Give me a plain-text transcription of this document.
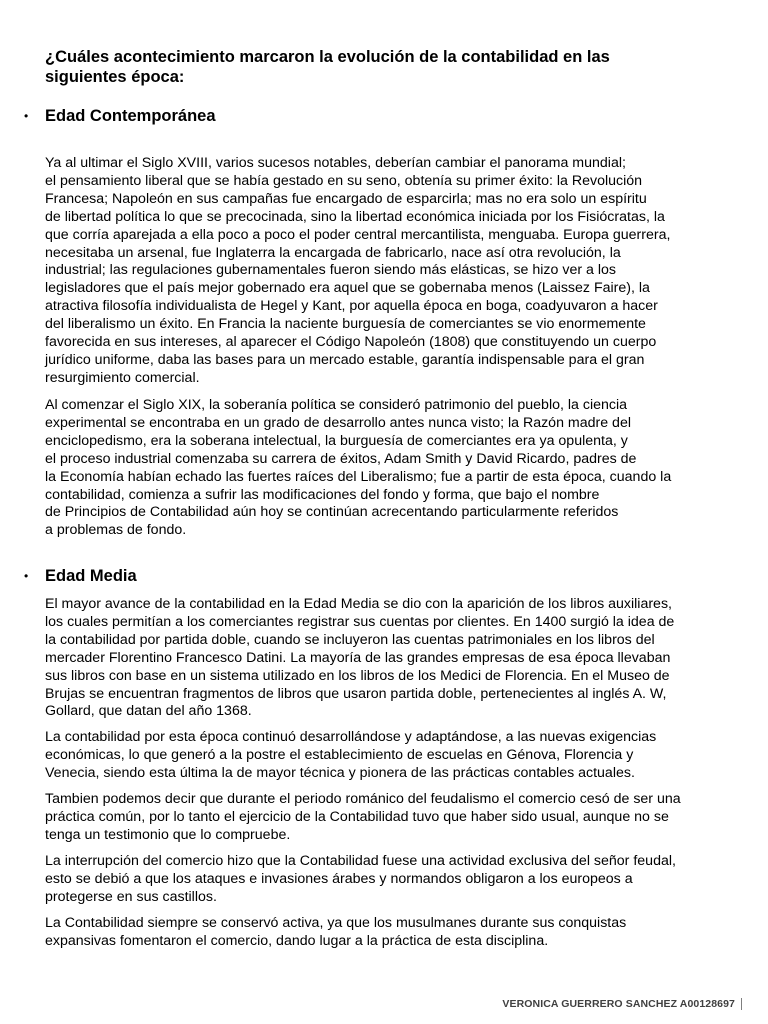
¿Cuáles acontecimiento marcaron la evolución de la contabilidad en las
siguientes época:
•	Edad Contemporánea
Ya al ultimar el Siglo XVIII, varios sucesos notables, deberían cambiar el panorama mundial;
el pensamiento liberal que se había gestado en su seno, obtenía su primer éxito: la Revolución
Francesa; Napoleón en sus campañas fue encargado de esparcirla; mas no era solo un espíritu
de libertad política lo que se precocinada, sino la libertad económica iniciada por los Fisiócratas, la
que corría aparejada a ella poco a poco el poder central mercantilista, menguaba. Europa guerrera,
necesitaba un arsenal, fue Inglaterra la encargada de fabricarlo, nace así otra revolución, la
industrial; las regulaciones gubernamentales fueron siendo más elásticas, se hizo ver a los
legisladores que el país mejor gobernado era aquel que se gobernaba menos (Laissez Faire), la
atractiva filosofía individualista de Hegel y Kant, por aquella época en boga, coadyuvaron a hacer
del liberalismo un éxito. En Francia la naciente burguesía de comerciantes se vio enormemente
favorecida en sus intereses, al aparecer el Código Napoleón (1808) que constituyendo un cuerpo
jurídico uniforme, daba las bases para un mercado estable, garantía indispensable para el gran
resurgimiento comercial.
Al comenzar el Siglo XIX, la soberanía política se consideró patrimonio del pueblo, la ciencia
experimental se encontraba en un grado de desarrollo antes nunca visto; la Razón madre del
enciclopedismo, era la soberana intelectual, la burguesía de comerciantes era ya opulenta, y
el proceso industrial comenzaba su carrera de éxitos, Adam Smith y David Ricardo, padres de
la Economía habían echado las fuertes raíces del Liberalismo; fue a partir de esta época, cuando la
contabilidad, comienza a sufrir las modificaciones del fondo y forma, que bajo el nombre
de Principios de Contabilidad aún hoy se continúan acrecentando particularmente referidos
a problemas de fondo.
•	Edad Media
El mayor avance de la contabilidad en la Edad Media se dio con la aparición de los libros auxiliares,
los cuales permitían a los comerciantes registrar sus cuentas por clientes. En 1400 surgió la idea de
la contabilidad por partida doble, cuando se incluyeron las cuentas patrimoniales en los libros del
mercader Florentino Francesco Datini. La mayoría de las grandes empresas de esa época llevaban
sus libros con base en un sistema utilizado en los libros de los Medici de Florencia. En el Museo de
Brujas se encuentran fragmentos de libros que usaron partida doble, pertenecientes al inglés A. W,
Gollard, que datan del año 1368.
La contabilidad por esta época continuó desarrollándose y adaptándose, a las nuevas exigencias
económicas, lo que generó a la postre el establecimiento de escuelas en Génova, Florencia y
Venecia, siendo esta última la de mayor técnica y pionera de las prácticas contables actuales.
Tambien podemos decir que durante el periodo románico del feudalismo el comercio cesó de ser una
práctica común, por lo tanto el ejercicio de la Contabilidad tuvo que haber sido usual, aunque no se
tenga un testimonio que lo compruebe.
La interrupción del comercio hizo que la Contabilidad fuese una actividad exclusiva del señor feudal,
esto se debió a que los ataques e invasiones árabes y normandos obligaron a los europeos a
protegerse en sus castillos.
La Contabilidad siempre se conservó activa, ya que los musulmanes durante sus conquistas
expansivas fomentaron el comercio, dando lugar a la práctica de esta disciplina.
VERONICA GUERRERO SANCHEZ A00128697
